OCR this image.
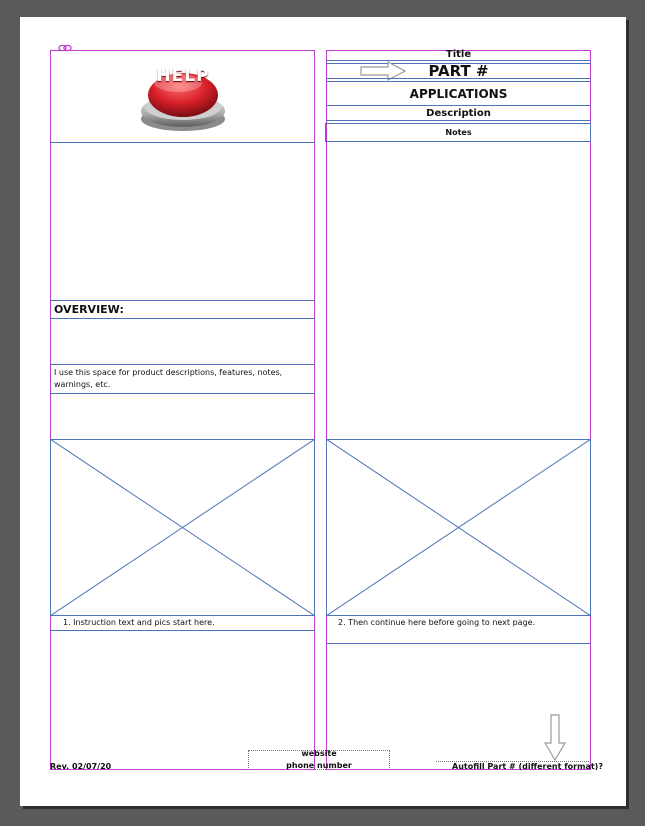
HELP
OVERVIEW:
I use this space for product descriptions, features, notes,
warnings, etc.
1. Instruction text and pics start here.
Title
PART #
APPLICATIONS
Description
Notes
2. Then continue here before going to next page.
website
phone number
Rev. 02/07/20	Autofill Part # (different format)?
